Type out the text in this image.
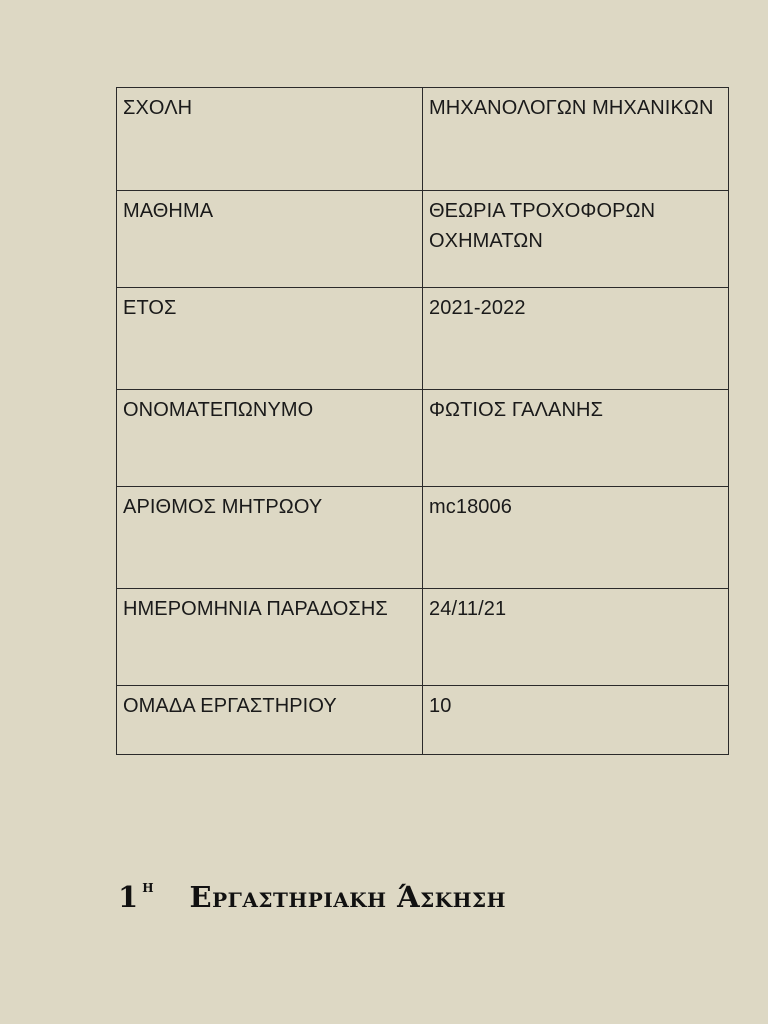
ΣΧΟΛΗ	ΜΗΧΑΝΟΛΟΓΩΝ ΜΗΧΑΝΙΚΩΝ
ΜΑΘΗΜΑ	ΘΕΩΡΙΑ ΤΡΟΧΟΦΟΡΩΝ ΟΧΗΜΑΤΩΝ
ΕΤΟΣ	2021-2022
ΟΝΟΜΑΤΕΠΩΝΥΜΟ	ΦΩΤΙΟΣ ΓΑΛΑΝΗΣ
ΑΡΙΘΜΟΣ ΜΗΤΡΩΟΥ	mc18006
ΗΜΕΡΟΜΗΝΙΑ ΠΑΡΑΔΟΣΗΣ	24/11/21
ΟΜΑΔΑ ΕΡΓΑΣΤΗΡΙΟΥ	10
1 $^H$ Εργαστηριακη Άσκηση
